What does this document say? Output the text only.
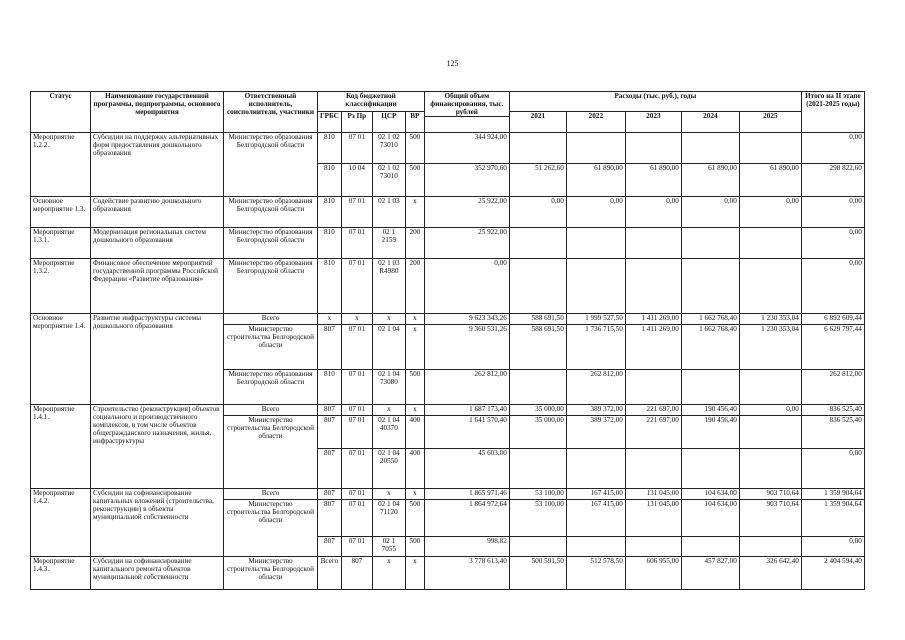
125
Статус	Наименование государственной программы, подпрограммы, основного мероприятия	Ответственный исполнитель, соисполнители, участники	Код бюджетной классификации				Общий объем финансирования, тыс. рублей	Расходы (тыс. руб.), годы					Итого на II этапе (2021-2025 годы)
			ГРБС	Рз Пр	ЦСР	ВР		2021	2022	2023	2024	2025	

Мероприятие 1.2.2.	Субсидии на поддержку альтернативных форм предоставления дошкольного образования	Министерство образования Белгородской области	810	07 01	02 1 02 73010	500	344 924,00						0,00
			810	10 04	02 1 02 73010	500	352 970,60	51 262,60	61 890,00	61 890,00	61 890,00	61 890,00	298 822,60
Основное мероприятие 1.3.	Содействие развитию дошкольного образования	Министерство образования Белгородской области	810	07 01	02 1 03	х	25 922,00	0,00	0,00	0,00	0,00	0,00	0,00
Мероприятие 1.3.1.	Модернизация региональных систем дошкольного образования	Министерство образования Белгородской области	810	07 01	02 1 2159	200	25 922,00						0,00
Мероприятие 1.3.2.	Финансовое обеспечение мероприятий государственной программы Российской Федерации «Развитие образования»	Министерство образования Белгородской области	810	07 01	02 1 03 R4980	200	0,00						0,00
Основное мероприятие 1.4.	Развитие инфраструктуры системы дошкольного образования	Всего	х	х	х	х	9 623 343,26	588 691,50	1 999 527,50	1 411 269,00	1 662 768,40	1 230 353,04	6 892 609,44
		Министерство строительства Белгородской области	807	07 01	02 1 04	х	9 360 531,26	588 691,50	1 736 715,50	1 411 269,00	1 662 768,40	1 230 353,04	6 629 797,44
		Министерство образования Белгородской области	810	07 01	02 1 04 73080	500	262 812,00		262 812,00				262 812,00
Мероприятие 1.4.1.	Строительство (реконструкция) объектов социального и производственного комплексов, в том числе объектов общегражданского назначения, жилья, инфраструктуры	Всего	807	07 01	х	х	1 687 173,40	35 000,00	389 372,00	221 697,00	190 456,40	0,00	836 525,40
		Министерство строительства Белгородской области	807	07 01	02 1 04 40370	400	1 641 570,40	35 000,00	389 372,00	221 697,00	190 456,40		836 525,40
			807	07 01	02 1 04 20550	400	45 603,00						0,00
Мероприятие 1.4.2.	Субсидии на софинансирование капитальных вложений (строительства, реконструкции) в объекты муниципальной собственности	Всего	807	07 01	х	х	1 865 971,46	53 100,00	167 415,00	131 045,00	104 634,00	903 710,64	1 359 904,64
		Министерство строительства Белгородской области	807	07 01	02 1 04 71120	500	1 864 972,64	53 100,00	167 415,00	131 045,00	104 634,00	903 710,64	1 359 904,64
			807	07 01	02 1 7055	500	998,82						0,00
Мероприятие 1.4.3.	Субсидии на софинансирование капитального ремонта объектов муниципальной собственности	Министерство строительства Белгородской области	Всего	807	х	х	3 778 613,40	500 591,50	512 578,50	606 955,00	457 827,00	326 642,40	2 404 594,40
